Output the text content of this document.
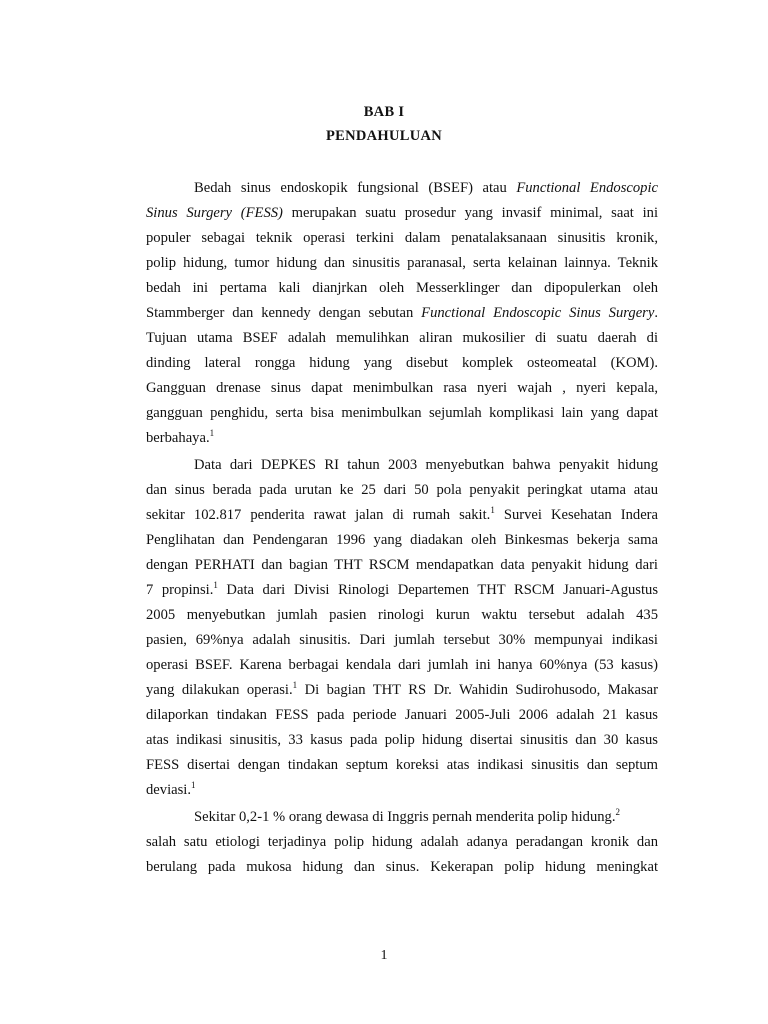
BAB I
PENDAHULUAN
Bedah sinus endoskopik fungsional (BSEF) atau Functional Endoscopic
Sinus Surgery (FESS) merupakan suatu prosedur yang invasif minimal, saat ini
populer sebagai teknik operasi terkini dalam penatalaksanaan sinusitis kronik,
polip hidung, tumor hidung dan sinusitis paranasal, serta kelainan lainnya. Teknik
bedah ini pertama kali dianjrkan oleh Messerklinger dan dipopulerkan oleh
Stammberger dan kennedy dengan sebutan Functional Endoscopic Sinus Surgery.
Tujuan utama BSEF adalah memulihkan aliran mukosilier di suatu daerah di
dinding lateral rongga hidung yang disebut komplek osteomeatal (KOM).
Gangguan drenase sinus dapat menimbulkan rasa nyeri wajah , nyeri kepala,
gangguan penghidu, serta bisa menimbulkan sejumlah komplikasi lain yang dapat
berbahaya.$^1$
Data dari DEPKES RI tahun 2003 menyebutkan bahwa penyakit hidung
dan sinus berada pada urutan ke 25 dari 50 pola penyakit peringkat utama atau
sekitar 102.817 penderita rawat jalan di rumah sakit.$^1$ Survei Kesehatan Indera
Penglihatan dan Pendengaran 1996 yang diadakan oleh Binkesmas bekerja sama
dengan PERHATI dan bagian THT RSCM mendapatkan data penyakit hidung dari
7 propinsi.$^1$ Data dari Divisi Rinologi Departemen THT RSCM Januari-Agustus
2005 menyebutkan jumlah pasien rinologi kurun waktu tersebut adalah 435
pasien, 69%nya adalah sinusitis. Dari jumlah tersebut 30% mempunyai indikasi
operasi BSEF. Karena berbagai kendala dari jumlah ini hanya 60%nya (53 kasus)
yang dilakukan operasi.$^1$ Di bagian THT RS Dr. Wahidin Sudirohusodo, Makasar
dilaporkan tindakan FESS pada periode Januari 2005-Juli 2006 adalah 21 kasus
atas indikasi sinusitis, 33 kasus pada polip hidung disertai sinusitis dan 30 kasus
FESS disertai dengan tindakan septum koreksi atas indikasi sinusitis dan septum
deviasi.$^1$
Sekitar 0,2-1 % orang dewasa di Inggris pernah menderita polip hidung.$^2$
salah satu etiologi terjadinya polip hidung adalah adanya peradangan kronik dan
berulang pada mukosa hidung dan sinus. Kekerapan polip hidung meningkat
1
